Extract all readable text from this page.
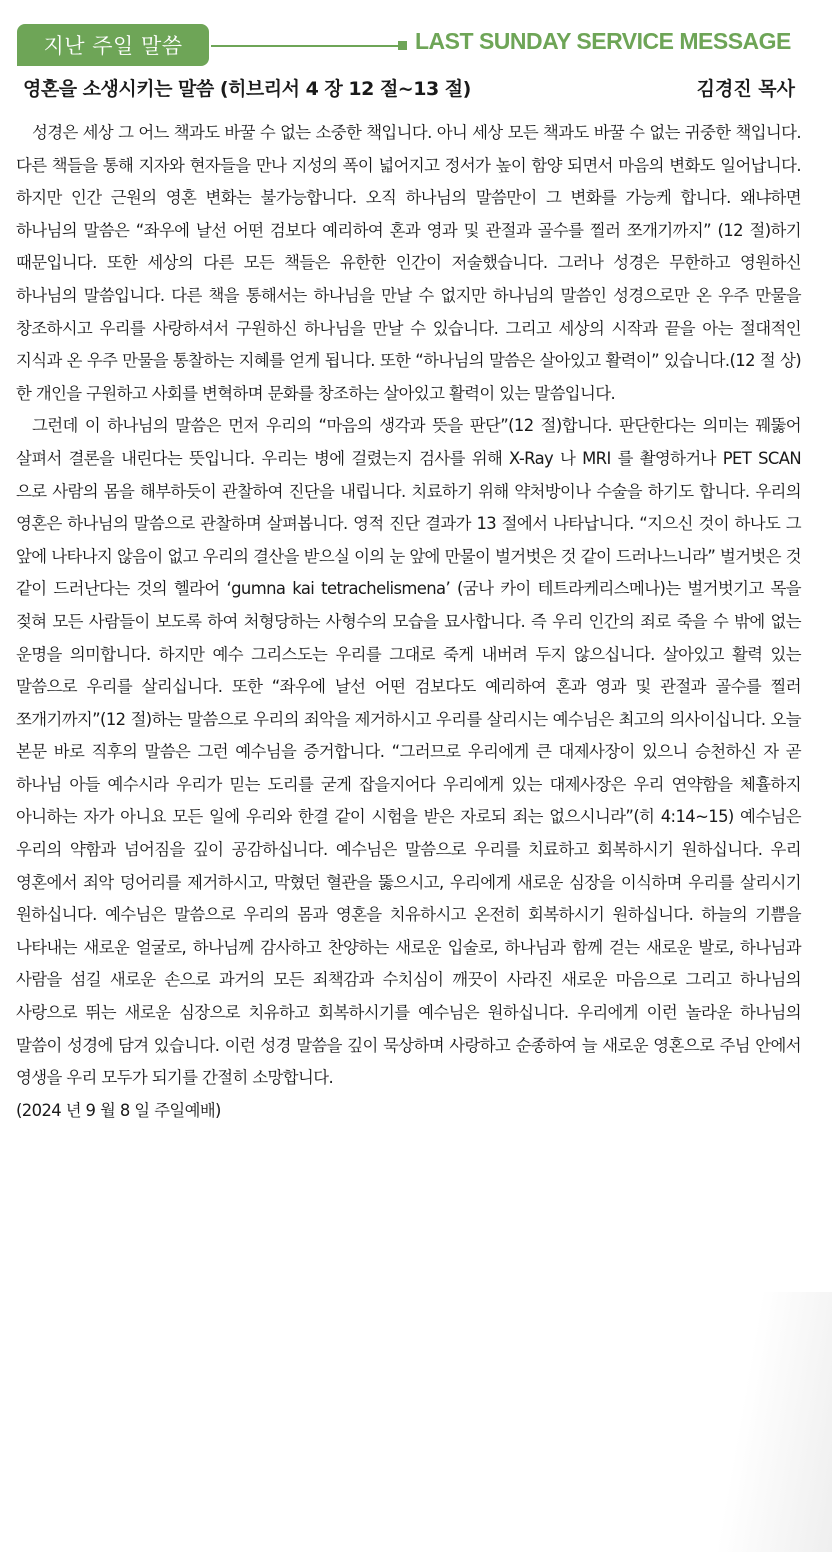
지난 주일 말씀	LAST SUNDAY SERVICE MESSAGE
영혼을 소생시키는 말씀 (히브리서 4 장 12 절~13 절)	김경진 목사

성경은 세상 그 어느 책과도 바꿀 수 없는 소중한 책입니다. 아니 세상 모든 책과도 바꿀 수 없는 귀중한 책입니다. 다른 책들을 통해 지자와 현자들을 만나 지성의 폭이 넓어지고 정서가 높이 함양 되면서 마음의 변화도 일어납니다. 하지만 인간 근원의 영혼 변화는 불가능합니다. 오직 하나님의 말씀만이 그 변화를 가능케 합니다. 왜냐하면 하나님의 말씀은 “좌우에 날선 어떤 검보다 예리하여 혼과 영과 및 관절과 골수를 찔러 쪼개기까지” (12 절)하기 때문입니다. 또한 세상의 다른 모든 책들은 유한한 인간이 저술했습니다. 그러나 성경은 무한하고 영원하신 하나님의 말씀입니다. 다른 책을 통해서는 하나님을 만날 수 없지만 하나님의 말씀인 성경으로만 온 우주 만물을 창조하시고 우리를 사랑하셔서 구원하신 하나님을 만날 수 있습니다. 그리고 세상의 시작과 끝을 아는 절대적인 지식과 온 우주 만물을 통찰하는 지혜를 얻게 됩니다. 또한 “하나님의 말씀은 살아있고 활력이” 있습니다.(12 절 상) 한 개인을 구원하고 사회를 변혁하며 문화를 창조하는 살아있고 활력이 있는 말씀입니다.

그런데 이 하나님의 말씀은 먼저 우리의 “마음의 생각과 뜻을 판단”(12 절)합니다. 판단한다는 의미는 꿰뚫어 살펴서 결론을 내린다는 뜻입니다. 우리는 병에 걸렸는지 검사를 위해 X-Ray 나 MRI 를 촬영하거나 PET SCAN 으로 사람의 몸을 해부하듯이 관찰하여 진단을 내립니다. 치료하기 위해 약처방이나 수술을 하기도 합니다. 우리의 영혼은 하나님의 말씀으로 관찰하며 살펴봅니다. 영적 진단 결과가 13 절에서 나타납니다. “지으신 것이 하나도 그 앞에 나타나지 않음이 없고 우리의 결산을 받으실 이의 눈 앞에 만물이 벌거벗은 것 같이 드러나느니라” 벌거벗은 것 같이 드러난다는 것의 헬라어 ‘gumna kai tetrachelismena’ (굼나 카이 테트라케리스메나)는 벌거벗기고 목을 젖혀 모든 사람들이 보도록 하여 처형당하는 사형수의 모습을 묘사합니다. 즉 우리 인간의 죄로 죽을 수 밖에 없는 운명을 의미합니다. 하지만 예수 그리스도는 우리를 그대로 죽게 내버려 두지 않으십니다. 살아있고 활력 있는 말씀으로 우리를 살리십니다. 또한 “좌우에 날선 어떤 검보다도 예리하여 혼과 영과 및 관절과 골수를 찔러 쪼개기까지”(12 절)하는 말씀으로 우리의 죄악을 제거하시고 우리를 살리시는 예수님은 최고의 의사이십니다. 오늘 본문 바로 직후의 말씀은 그런 예수님을 증거합니다. “그러므로 우리에게 큰 대제사장이 있으니 승천하신 자 곧 하나님 아들 예수시라 우리가 믿는 도리를 굳게 잡을지어다 우리에게 있는 대제사장은 우리 연약함을 체휼하지 아니하는 자가 아니요 모든 일에 우리와 한결 같이 시험을 받은 자로되 죄는 없으시니라”(히 4:14~15) 예수님은 우리의 약함과 넘어짐을 깊이 공감하십니다. 예수님은 말씀으로 우리를 치료하고 회복하시기 원하십니다. 우리 영혼에서 죄악 덩어리를 제거하시고, 막혔던 혈관을 뚫으시고, 우리에게 새로운 심장을 이식하며 우리를 살리시기 원하십니다. 예수님은 말씀으로 우리의 몸과 영혼을 치유하시고 온전히 회복하시기 원하십니다. 하늘의 기쁨을 나타내는 새로운 얼굴로, 하나님께 감사하고 찬양하는 새로운 입술로, 하나님과 함께 걷는 새로운 발로, 하나님과 사람을 섬길 새로운 손으로 과거의 모든 죄책감과 수치심이 깨끗이 사라진 새로운 마음으로 그리고 하나님의 사랑으로 뛰는 새로운 심장으로 치유하고 회복하시기를 예수님은 원하십니다. 우리에게 이런 놀라운 하나님의 말씀이 성경에 담겨 있습니다. 이런 성경 말씀을 깊이 묵상하며 사랑하고 순종하여 늘 새로운 영혼으로 주님 안에서 영생을 우리 모두가 되기를 간절히 소망합니다.

(2024 년 9 월 8 일 주일예배)
